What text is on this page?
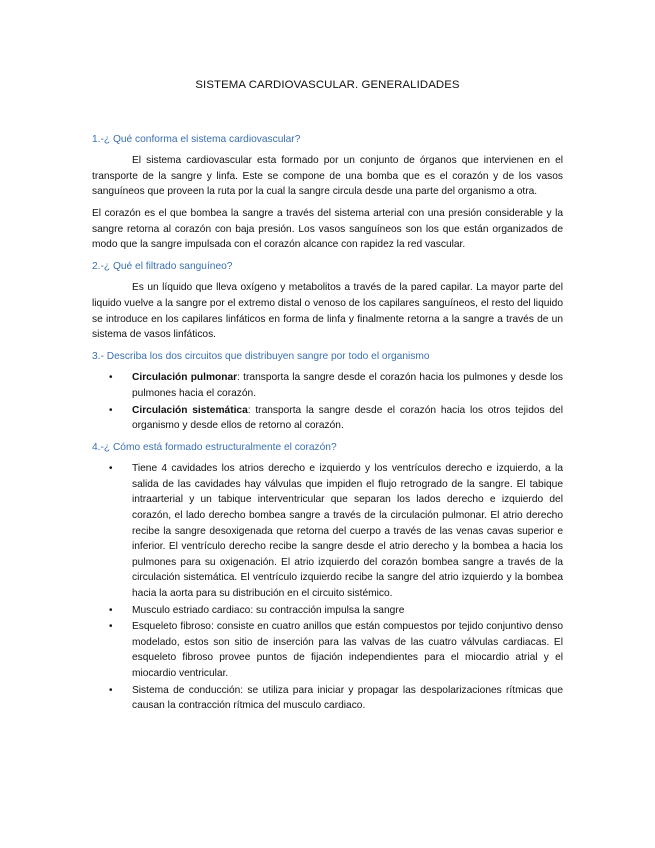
SISTEMA CARDIOVASCULAR. GENERALIDADES
1.-¿ Qué conforma el sistema cardiovascular?

El sistema cardiovascular esta formado por un conjunto de órganos que intervienen en el transporte de la sangre y linfa. Este se compone de una bomba que es el corazón y de los vasos sanguíneos que proveen la ruta por la cual la sangre circula desde una parte del organismo a otra.

El corazón es el que bombea la sangre a través del sistema arterial con una presión considerable y la sangre retorna al corazón con baja presión. Los vasos sanguíneos son los que están organizados de modo que la sangre impulsada con el corazón alcance con rapidez la red vascular.

2.-¿ Qué el filtrado sanguíneo?

Es un líquido que lleva oxígeno y metabolitos a través de la pared capilar. La mayor parte del liquido vuelve a la sangre por el extremo distal o venoso de los capilares sanguíneos, el resto del liquido se introduce en los capilares linfáticos en forma de linfa y finalmente retorna a la sangre a través de un sistema de vasos linfáticos.

3.- Describa los dos circuitos que distribuyen sangre por todo el organismo
• Circulación pulmonar: transporta la sangre desde el corazón hacia los pulmones y desde los pulmones hacia el corazón.
• Circulación sistemática: transporta la sangre desde el corazón hacia los otros tejidos del organismo y desde ellos de retorno al corazón.
4.-¿ Cómo está formado estructuralmente el corazón?
• Tiene 4 cavidades los atrios derecho e izquierdo y los ventrículos derecho e izquierdo, a la salida de las cavidades hay válvulas que impiden el flujo retrogrado de la sangre. El tabique intraarterial y un tabique interventricular que separan los lados derecho e izquierdo del corazón, el lado derecho bombea sangre a través de la circulación pulmonar. El atrio derecho recibe la sangre desoxigenada que retorna del cuerpo a través de las venas cavas superior e inferior. El ventrículo derecho recibe la sangre desde el atrio derecho y la bombea a hacia los pulmones para su oxigenación. El atrio izquierdo del corazón bombea sangre a través de la circulación sistemática. El ventrículo izquierdo recibe la sangre del atrio izquierdo y la bombea hacia la aorta para su distribución en el circuito sistémico.
• Musculo estriado cardiaco: su contracción impulsa la sangre
• Esqueleto fibroso: consiste en cuatro anillos que están compuestos por tejido conjuntivo denso modelado, estos son sitio de inserción para las valvas de las cuatro válvulas cardiacas. El esqueleto fibroso provee puntos de fijación independientes para el miocardio atrial y el miocardio ventricular.
• Sistema de conducción: se utiliza para iniciar y propagar las despolarizaciones rítmicas que causan la contracción rítmica del musculo cardiaco.
